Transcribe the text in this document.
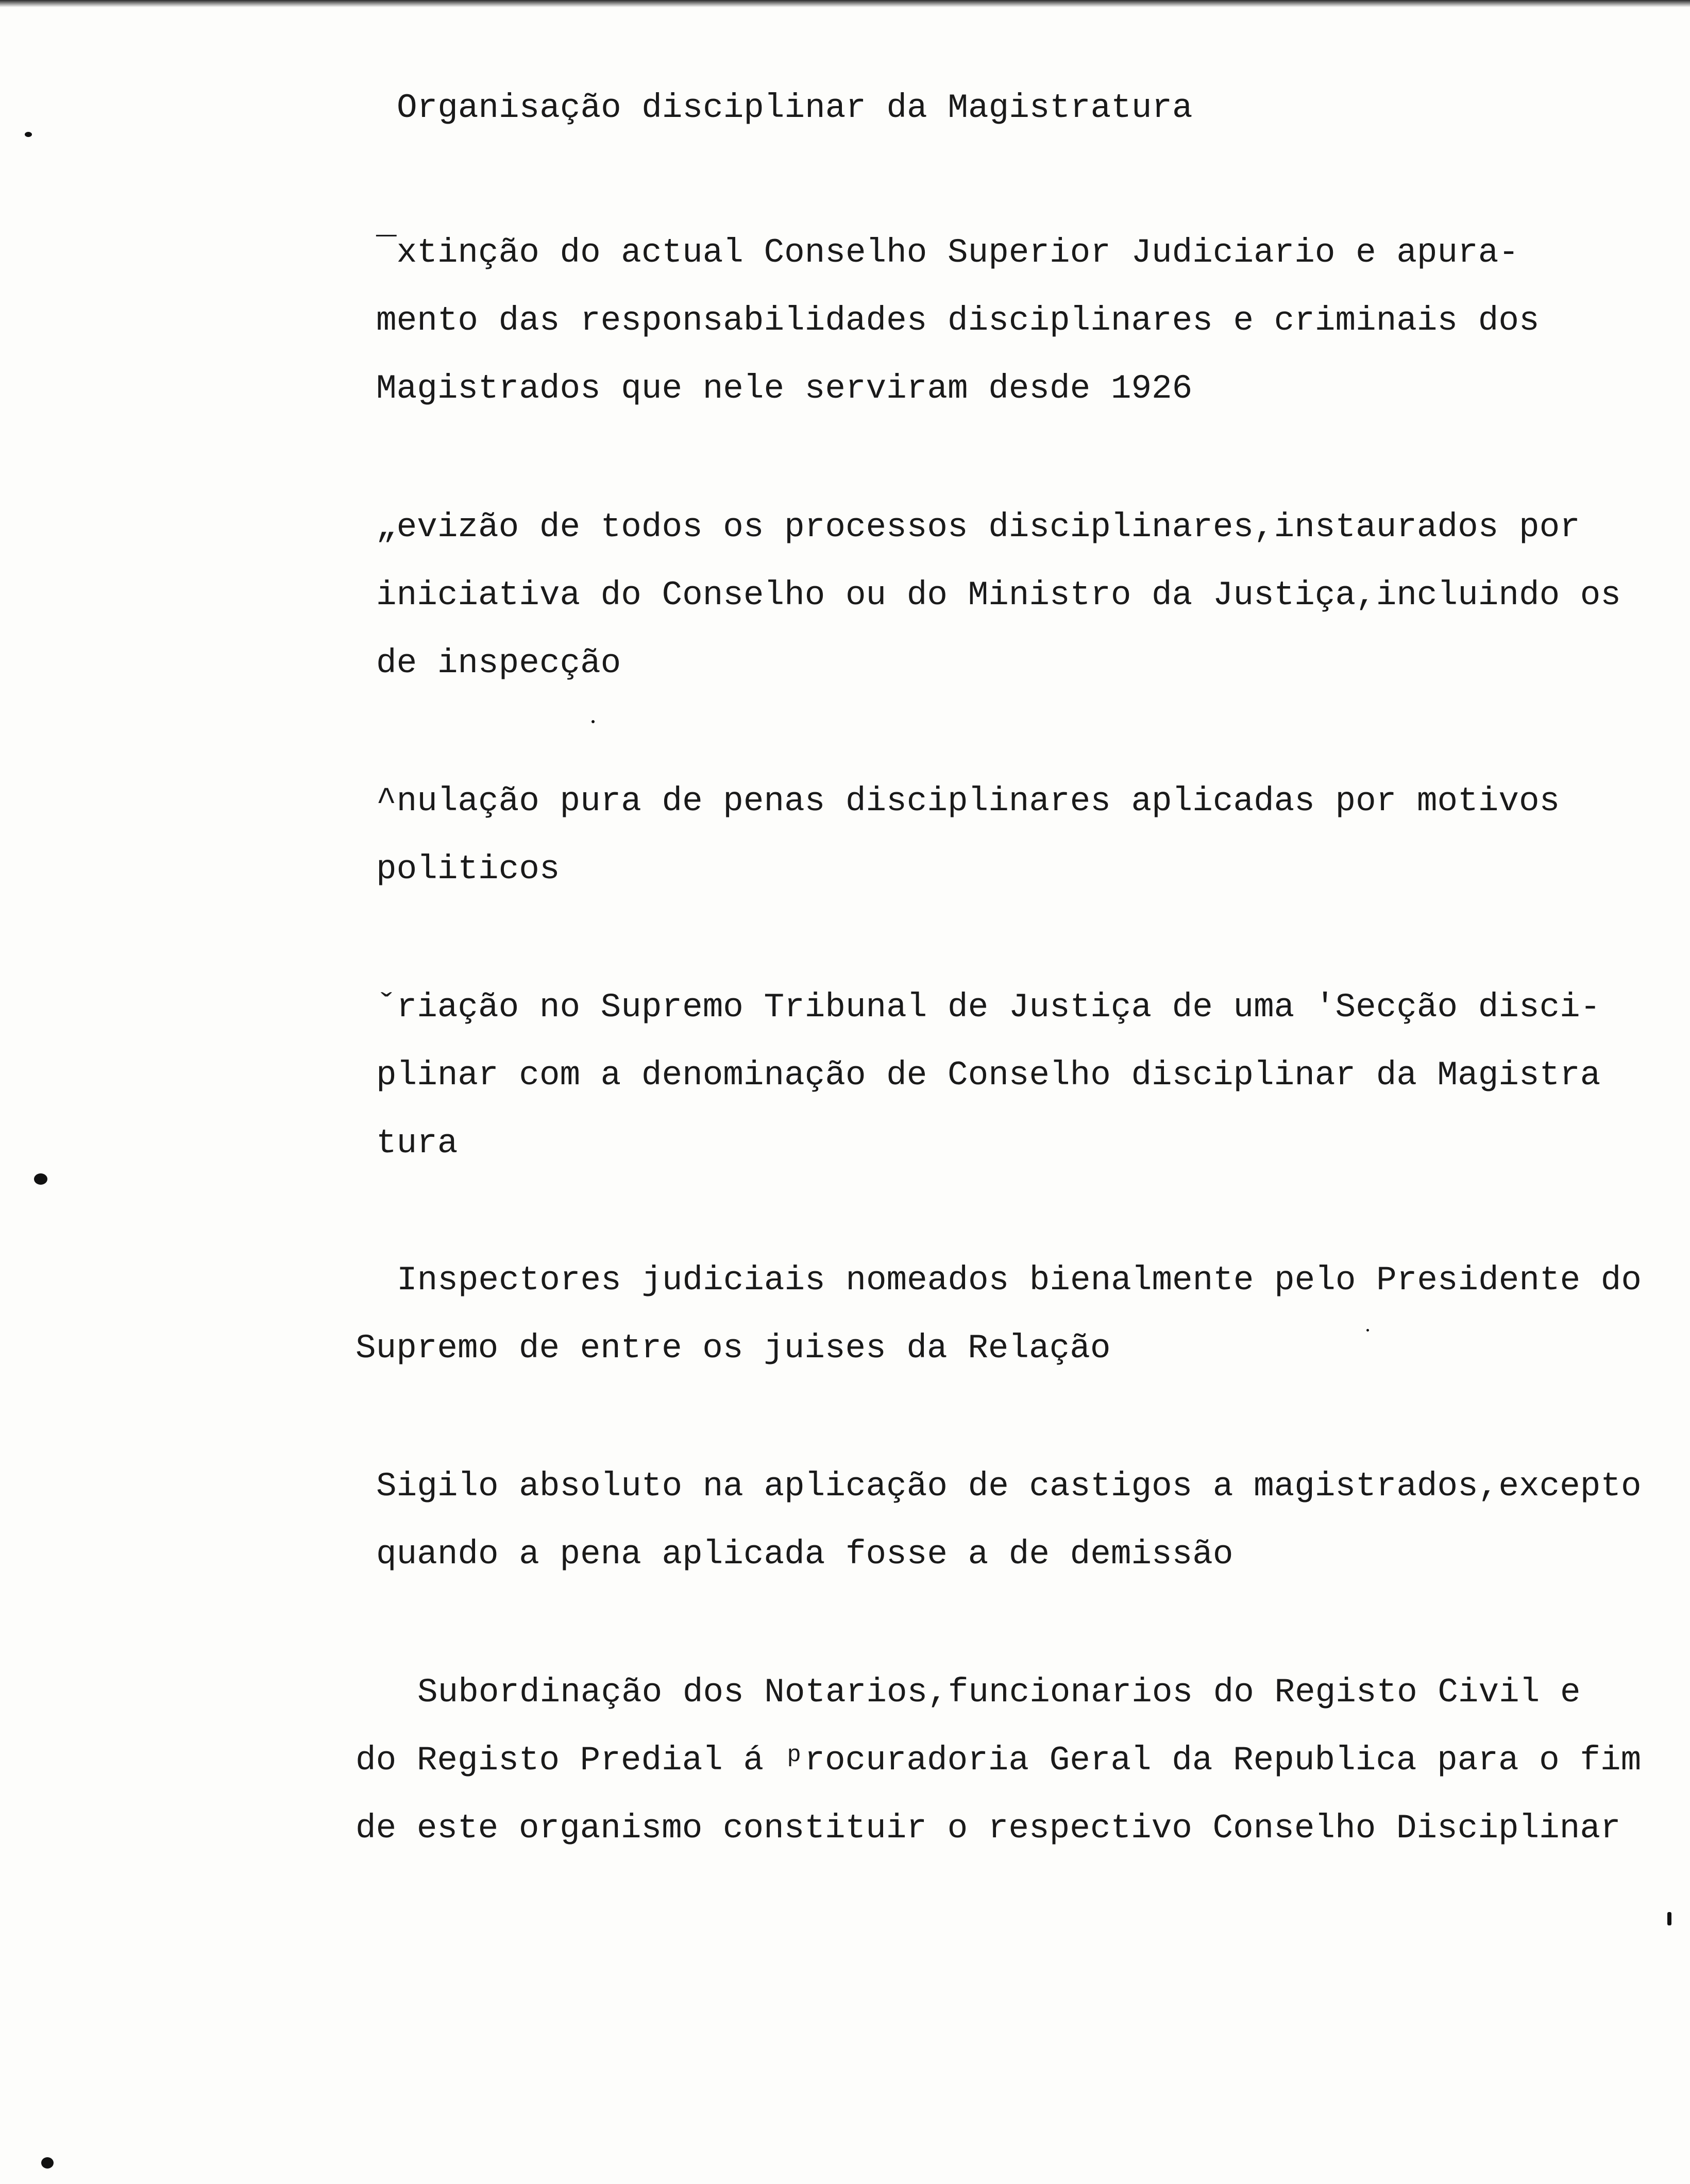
Organisação disciplinar da Magistratura
¯xtinção do actual Conselho Superior Judiciario e apura-
mento das responsabilidades disciplinares e criminais dos
Magistrados que nele serviram desde 1926
„evizão de todos os processos disciplinares,instaurados por
iniciativa do Conselho ou do Ministro da Justiça,incluindo os
de inspecção
^nulação pura de penas disciplinares aplicadas por motivos
politicos
ˇriação no Supremo Tribunal de Justiça de uma 'Secção disci-
plinar com a denominação de Conselho disciplinar da Magistra
tura
Inspectores judiciais nomeados bienalmente pelo Presidente do
Supremo de entre os juises da Relação
Sigilo absoluto na aplicação de castigos a magistrados,excepto
quando a pena aplicada fosse a de demissão
Subordinação dos Notarios,funcionarios do Registo Civil e
do Registo Predial á ᵖrocuradoria Geral da Republica para o fim
de este organismo constituir o respectivo Conselho Disciplinar
